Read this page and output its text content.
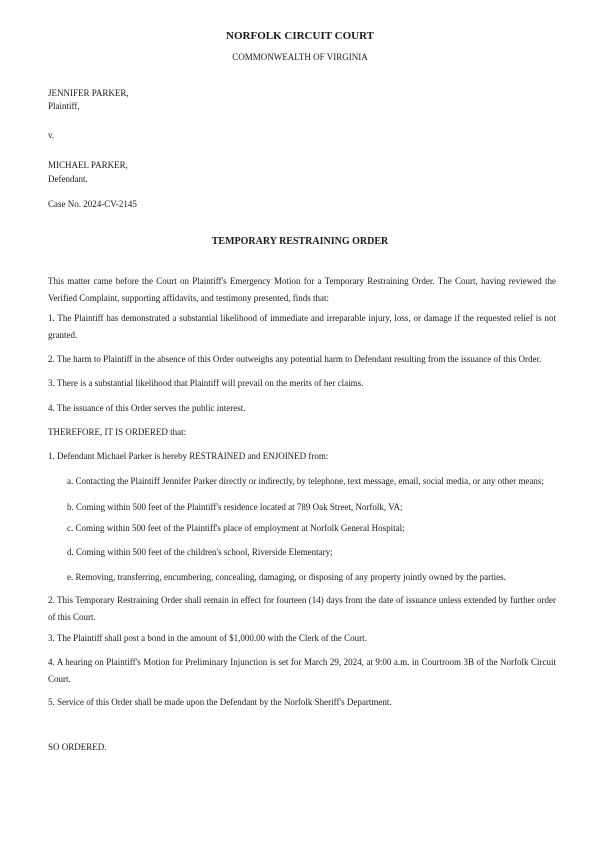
NORFOLK CIRCUIT COURT
COMMONWEALTH OF VIRGINIA
JENNIFER PARKER,
Plaintiff,
v.
MICHAEL PARKER,
Defendant.
Case No. 2024-CV-2145
TEMPORARY RESTRAINING ORDER
This matter came before the Court on Plaintiff's Emergency Motion for a Temporary Restraining Order. The Court, having reviewed the Verified Complaint, supporting affidavits, and testimony presented, finds that:
1. The Plaintiff has demonstrated a substantial likelihood of immediate and irreparable injury, loss, or damage if the requested relief is not granted.
2. The harm to Plaintiff in the absence of this Order outweighs any potential harm to Defendant resulting from the issuance of this Order.
3. There is a substantial likelihood that Plaintiff will prevail on the merits of her claims.
4. The issuance of this Order serves the public interest.
THEREFORE, IT IS ORDERED that:
1. Defendant Michael Parker is hereby RESTRAINED and ENJOINED from:
a. Contacting the Plaintiff Jennifer Parker directly or indirectly, by telephone, text message, email, social media, or any other means;
b. Coming within 500 feet of the Plaintiff's residence located at 789 Oak Street, Norfolk, VA;
c. Coming within 500 feet of the Plaintiff's place of employment at Norfolk General Hospital;
d. Coming within 500 feet of the children's school, Riverside Elementary;
e. Removing, transferring, encumbering, concealing, damaging, or disposing of any property jointly owned by the parties.
2. This Temporary Restraining Order shall remain in effect for fourteen (14) days from the date of issuance unless extended by further order of this Court.
3. The Plaintiff shall post a bond in the amount of $1,000.00 with the Clerk of the Court.
4. A hearing on Plaintiff's Motion for Preliminary Injunction is set for March 29, 2024, at 9:00 a.m. in Courtroom 3B of the Norfolk Circuit Court.
5. Service of this Order shall be made upon the Defendant by the Norfolk Sheriff's Department.
SO ORDERED.
